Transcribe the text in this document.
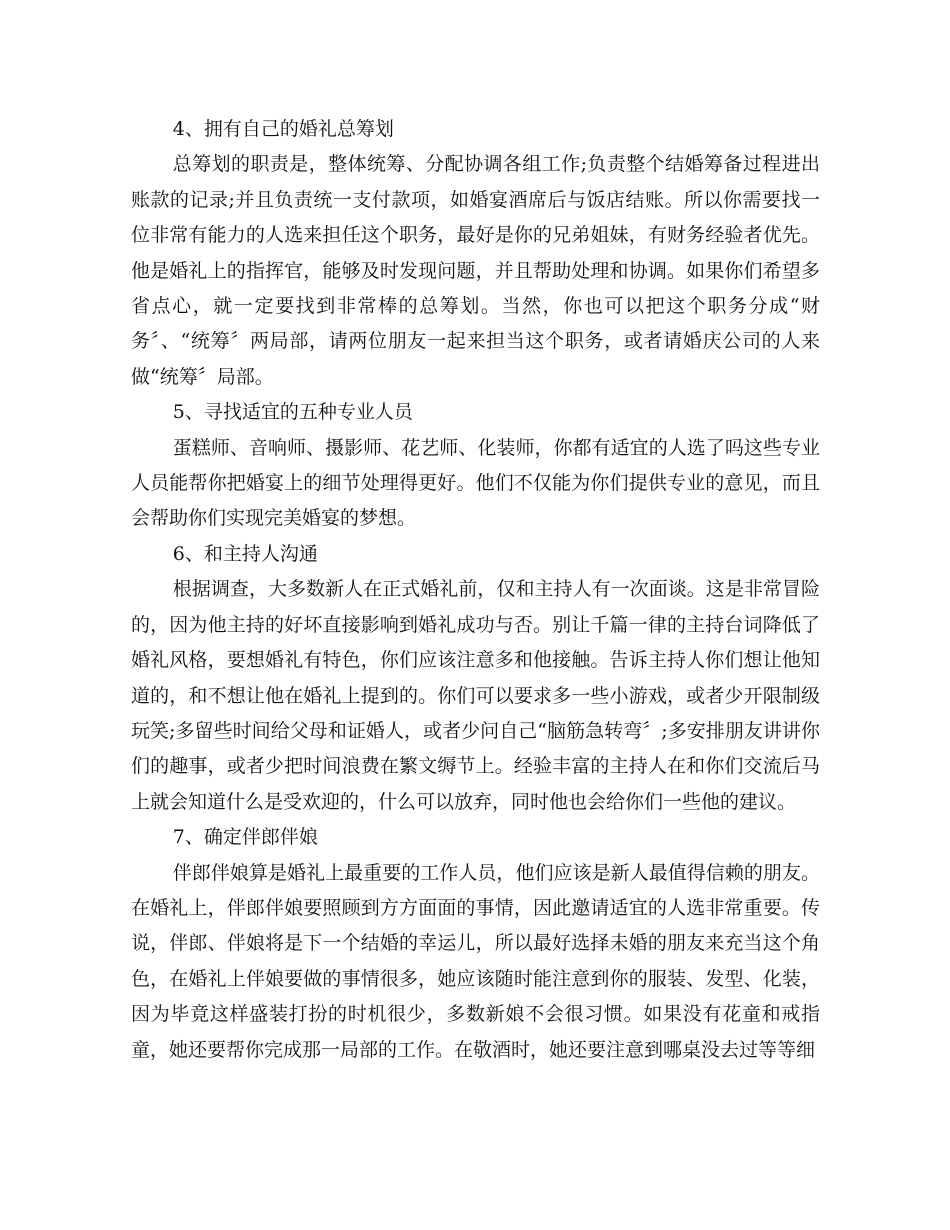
4、拥有自己的婚礼总筹划

总筹划的职责是，整体统筹、分配协调各组工作;负责整个结婚筹备过程进出账款的记录;并且负责统一支付款项，如婚宴酒席后与饭店结账。所以你需要找一位非常有能力的人选来担任这个职务，最好是你的兄弟姐妹，有财务经验者优先。他是婚礼上的指挥官，能够及时发现问题，并且帮助处理和协调。如果你们希望多省点心，就一定要找到非常棒的总筹划。当然，你也可以把这个职务分成“财务〞、“统筹〞两局部，请两位朋友一起来担当这个职务，或者请婚庆公司的人来做“统筹〞局部。

5、寻找适宜的五种专业人员

蛋糕师、音响师、摄影师、花艺师、化装师，你都有适宜的人选了吗这些专业人员能帮你把婚宴上的细节处理得更好。他们不仅能为你们提供专业的意见，而且会帮助你们实现完美婚宴的梦想。

6、和主持人沟通

根据调查，大多数新人在正式婚礼前，仅和主持人有一次面谈。这是非常冒险的，因为他主持的好坏直接影响到婚礼成功与否。别让千篇一律的主持台词降低了婚礼风格，要想婚礼有特色，你们应该注意多和他接触。告诉主持人你们想让他知道的，和不想让他在婚礼上提到的。你们可以要求多一些小游戏，或者少开限制级玩笑;多留些时间给父母和证婚人，或者少问自己“脑筋急转弯〞;多安排朋友讲讲你们的趣事，或者少把时间浪费在繁文缛节上。经验丰富的主持人在和你们交流后马上就会知道什么是受欢迎的，什么可以放弃，同时他也会给你们一些他的建议。

7、确定伴郎伴娘

伴郎伴娘算是婚礼上最重要的工作人员，他们应该是新人最值得信赖的朋友。在婚礼上，伴郎伴娘要照顾到方方面面的事情，因此邀请适宜的人选非常重要。传说，伴郎、伴娘将是下一个结婚的幸运儿，所以最好选择未婚的朋友来充当这个角色，在婚礼上伴娘要做的事情很多，她应该随时能注意到你的服装、发型、化装，因为毕竟这样盛装打扮的时机很少，多数新娘不会很习惯。如果没有花童和戒指童，她还要帮你完成那一局部的工作。在敬酒时，她还要注意到哪桌没去过等等细
